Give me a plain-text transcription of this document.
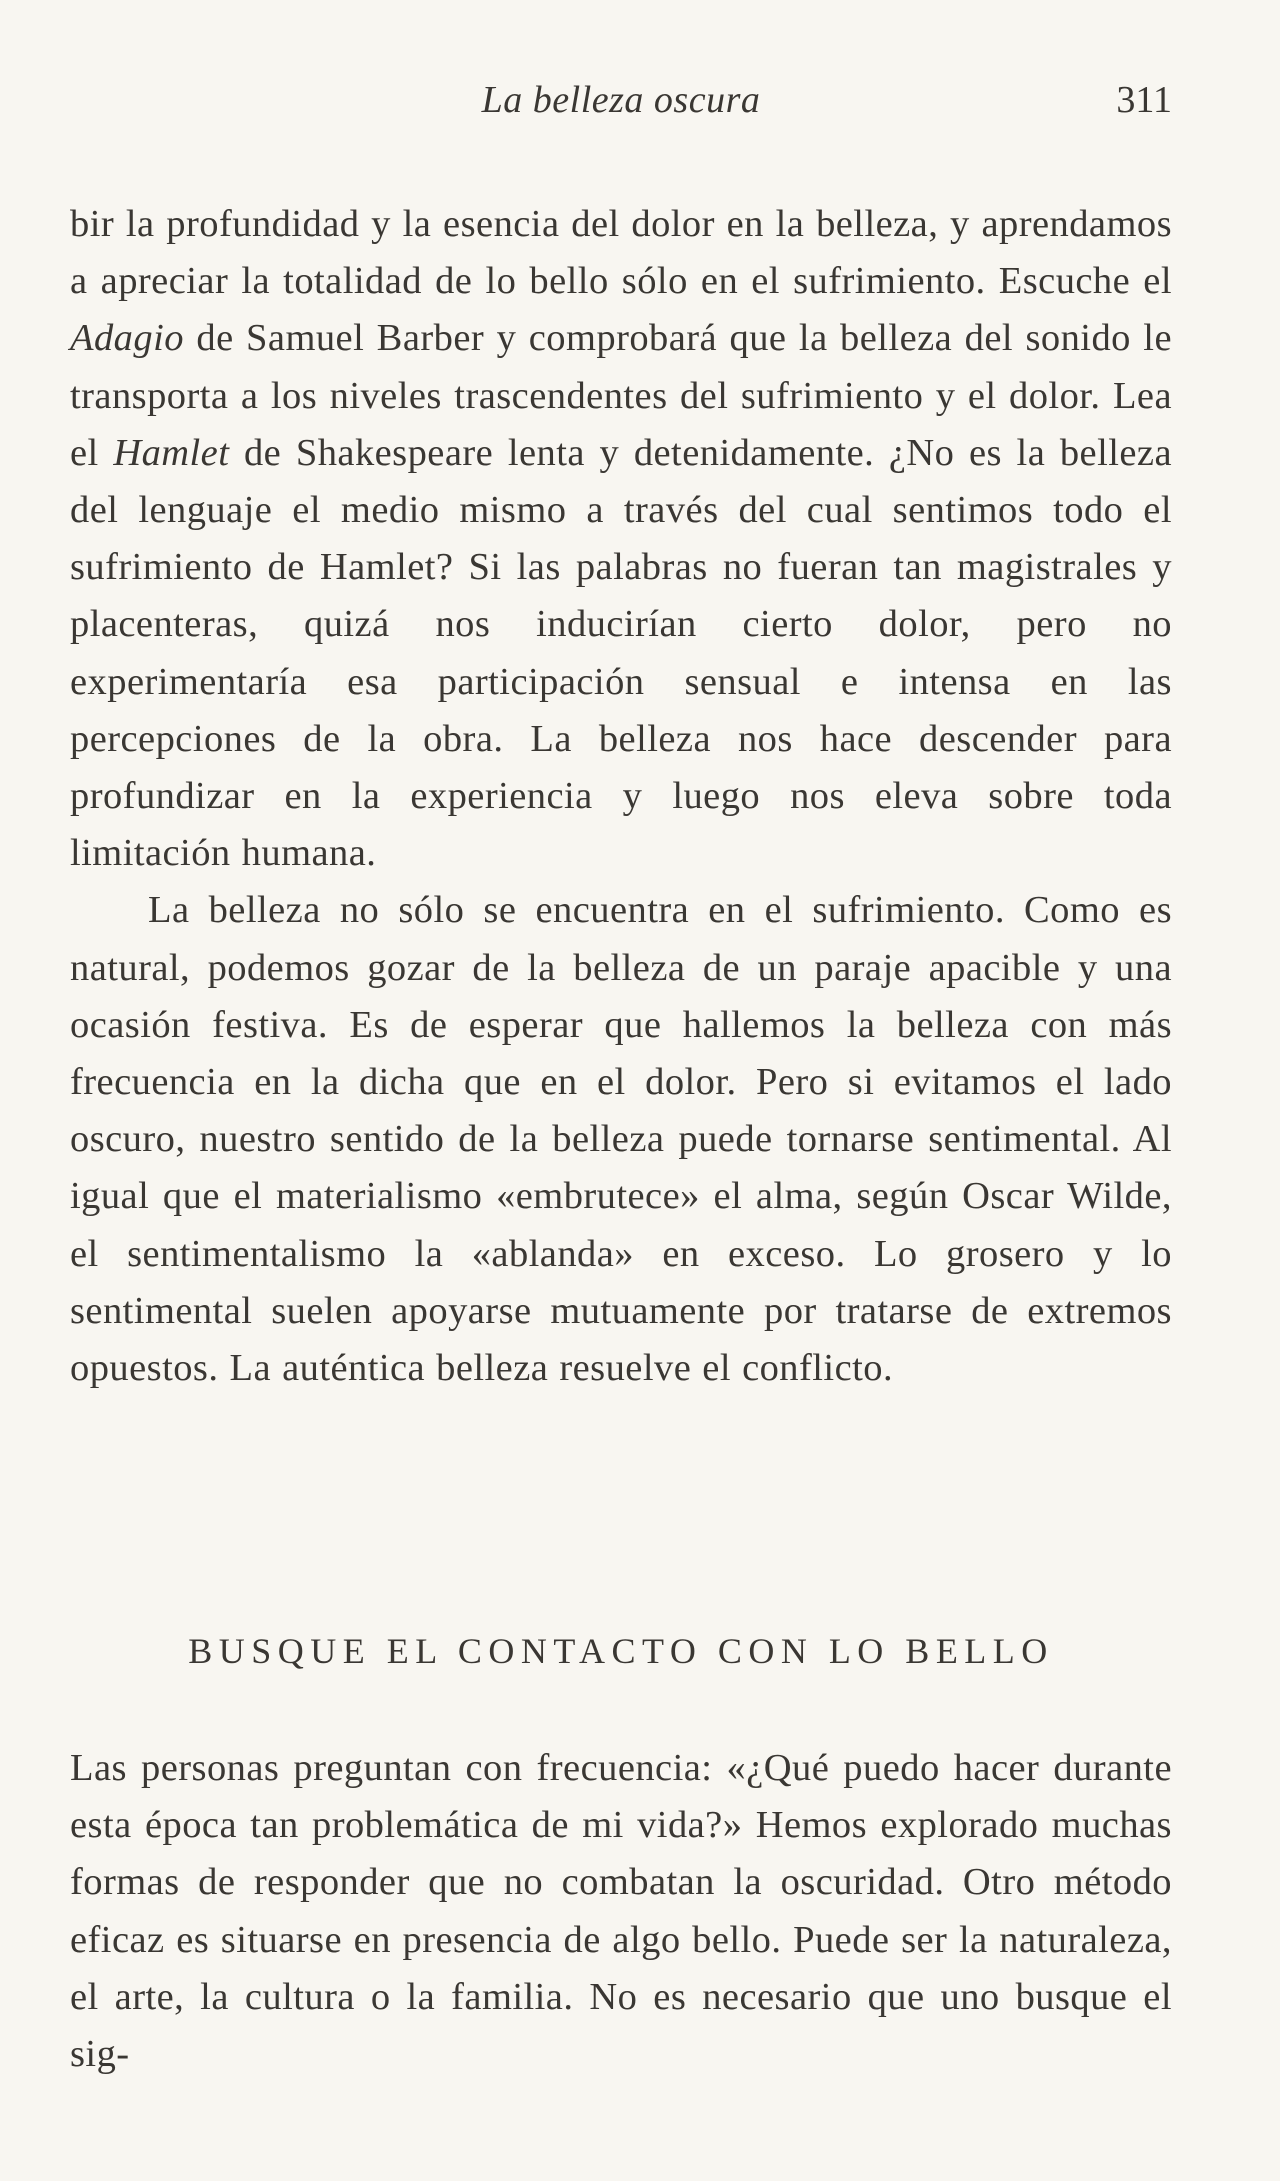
La belleza oscura	311

bir la profundidad y la esencia del dolor en la belleza, y aprendamos a apreciar la totalidad de lo bello sólo en el sufrimiento. Escuche el Adagio de Samuel Barber y comprobará que la belleza del sonido le transporta a los niveles trascendentes del sufrimiento y el dolor. Lea el Hamlet de Shakespeare lenta y detenidamente. ¿No es la belleza del lenguaje el medio mismo a través del cual sentimos todo el sufrimiento de Hamlet? Si las palabras no fueran tan magistrales y placenteras, quizá nos inducirían cierto dolor, pero no experimentaría esa participación sensual e intensa en las percepciones de la obra. La belleza nos hace descender para profundizar en la experiencia y luego nos eleva sobre toda limitación humana.

La belleza no sólo se encuentra en el sufrimiento. Como es natural, podemos gozar de la belleza de un paraje apacible y una ocasión festiva. Es de esperar que hallemos la belleza con más frecuencia en la dicha que en el dolor. Pero si evitamos el lado oscuro, nuestro sentido de la belleza puede tornarse sentimental. Al igual que el materialismo «embrutece» el alma, según Oscar Wilde, el sentimentalismo la «ablanda» en exceso. Lo grosero y lo sentimental suelen apoyarse mutuamente por tratarse de extremos opuestos. La auténtica belleza resuelve el conflicto.

BUSQUE EL CONTACTO CON LO BELLO

Las personas preguntan con frecuencia: «¿Qué puedo hacer durante esta época tan problemática de mi vida?» Hemos explorado muchas formas de responder que no combatan la oscuridad. Otro método eficaz es situarse en presencia de algo bello. Puede ser la naturaleza, el arte, la cultura o la familia. No es necesario que uno busque el sig-
